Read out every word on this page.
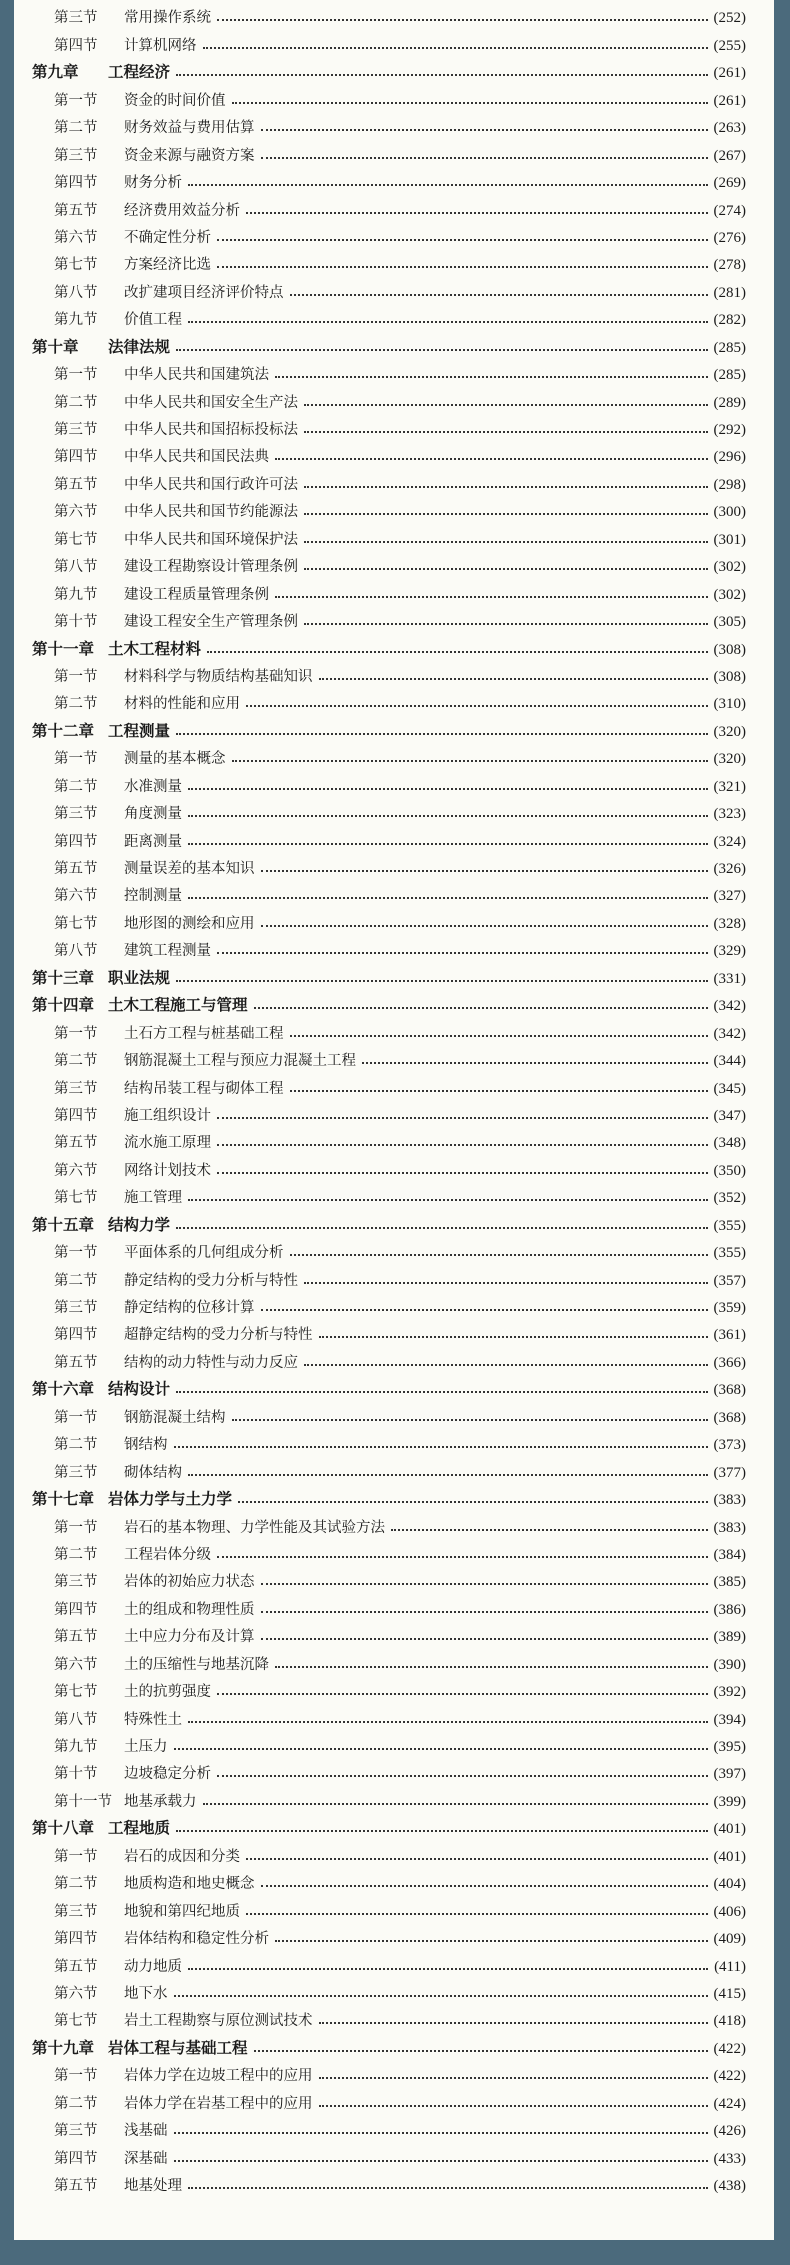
第三节	常用操作系统	(252)
第四节	计算机网络	(255)
第九章	工程经济	(261)
第一节	资金的时间价值	(261)
第二节	财务效益与费用估算	(263)
第三节	资金来源与融资方案	(267)
第四节	财务分析	(269)
第五节	经济费用效益分析	(274)
第六节	不确定性分析	(276)
第七节	方案经济比选	(278)
第八节	改扩建项目经济评价特点	(281)
第九节	价值工程	(282)
第十章	法律法规	(285)
第一节	中华人民共和国建筑法	(285)
第二节	中华人民共和国安全生产法	(289)
第三节	中华人民共和国招标投标法	(292)
第四节	中华人民共和国民法典	(296)
第五节	中华人民共和国行政许可法	(298)
第六节	中华人民共和国节约能源法	(300)
第七节	中华人民共和国环境保护法	(301)
第八节	建设工程勘察设计管理条例	(302)
第九节	建设工程质量管理条例	(302)
第十节	建设工程安全生产管理条例	(305)
第十一章 土木工程材料	(308)
第一节	材料科学与物质结构基础知识	(308)
第二节	材料的性能和应用	(310)
第十二章 工程测量	(320)
第一节	测量的基本概念	(320)
第二节	水准测量	(321)
第三节	角度测量	(323)
第四节	距离测量	(324)
第五节	测量误差的基本知识	(326)
第六节	控制测量	(327)
第七节	地形图的测绘和应用	(328)
第八节	建筑工程测量	(329)
第十三章 职业法规	(331)
第十四章 土木工程施工与管理	(342)
第一节	土石方工程与桩基础工程	(342)
第二节	钢筋混凝土工程与预应力混凝土工程	(344)
第三节	结构吊装工程与砌体工程	(345)
第四节	施工组织设计	(347)
第五节	流水施工原理	(348)
第六节	网络计划技术	(350)
第七节	施工管理	(352)
第十五章 结构力学	(355)
第一节	平面体系的几何组成分析	(355)
第二节	静定结构的受力分析与特性	(357)
第三节	静定结构的位移计算	(359)
第四节	超静定结构的受力分析与特性	(361)
第五节	结构的动力特性与动力反应	(366)
第十六章 结构设计	(368)
第一节	钢筋混凝土结构	(368)
第二节	钢结构	(373)
第三节	砌体结构	(377)
第十七章 岩体力学与土力学	(383)
第一节	岩石的基本物理、力学性能及其试验方法	(383)
第二节	工程岩体分级	(384)
第三节	岩体的初始应力状态	(385)
第四节	土的组成和物理性质	(386)
第五节	土中应力分布及计算	(389)
第六节	土的压缩性与地基沉降	(390)
第七节	土的抗剪强度	(392)
第八节	特殊性土	(394)
第九节	土压力	(395)
第十节	边坡稳定分析	(397)
第十一节 地基承载力	(399)
第十八章 工程地质	(401)
第一节	岩石的成因和分类	(401)
第二节	地质构造和地史概念	(404)
第三节	地貌和第四纪地质	(406)
第四节	岩体结构和稳定性分析	(409)
第五节	动力地质	(411)
第六节	地下水	(415)
第七节	岩土工程勘察与原位测试技术	(418)
第十九章 岩体工程与基础工程	(422)
第一节	岩体力学在边坡工程中的应用	(422)
第二节	岩体力学在岩基工程中的应用	(424)
第三节	浅基础	(426)
第四节	深基础	(433)
第五节	地基处理	(438)
